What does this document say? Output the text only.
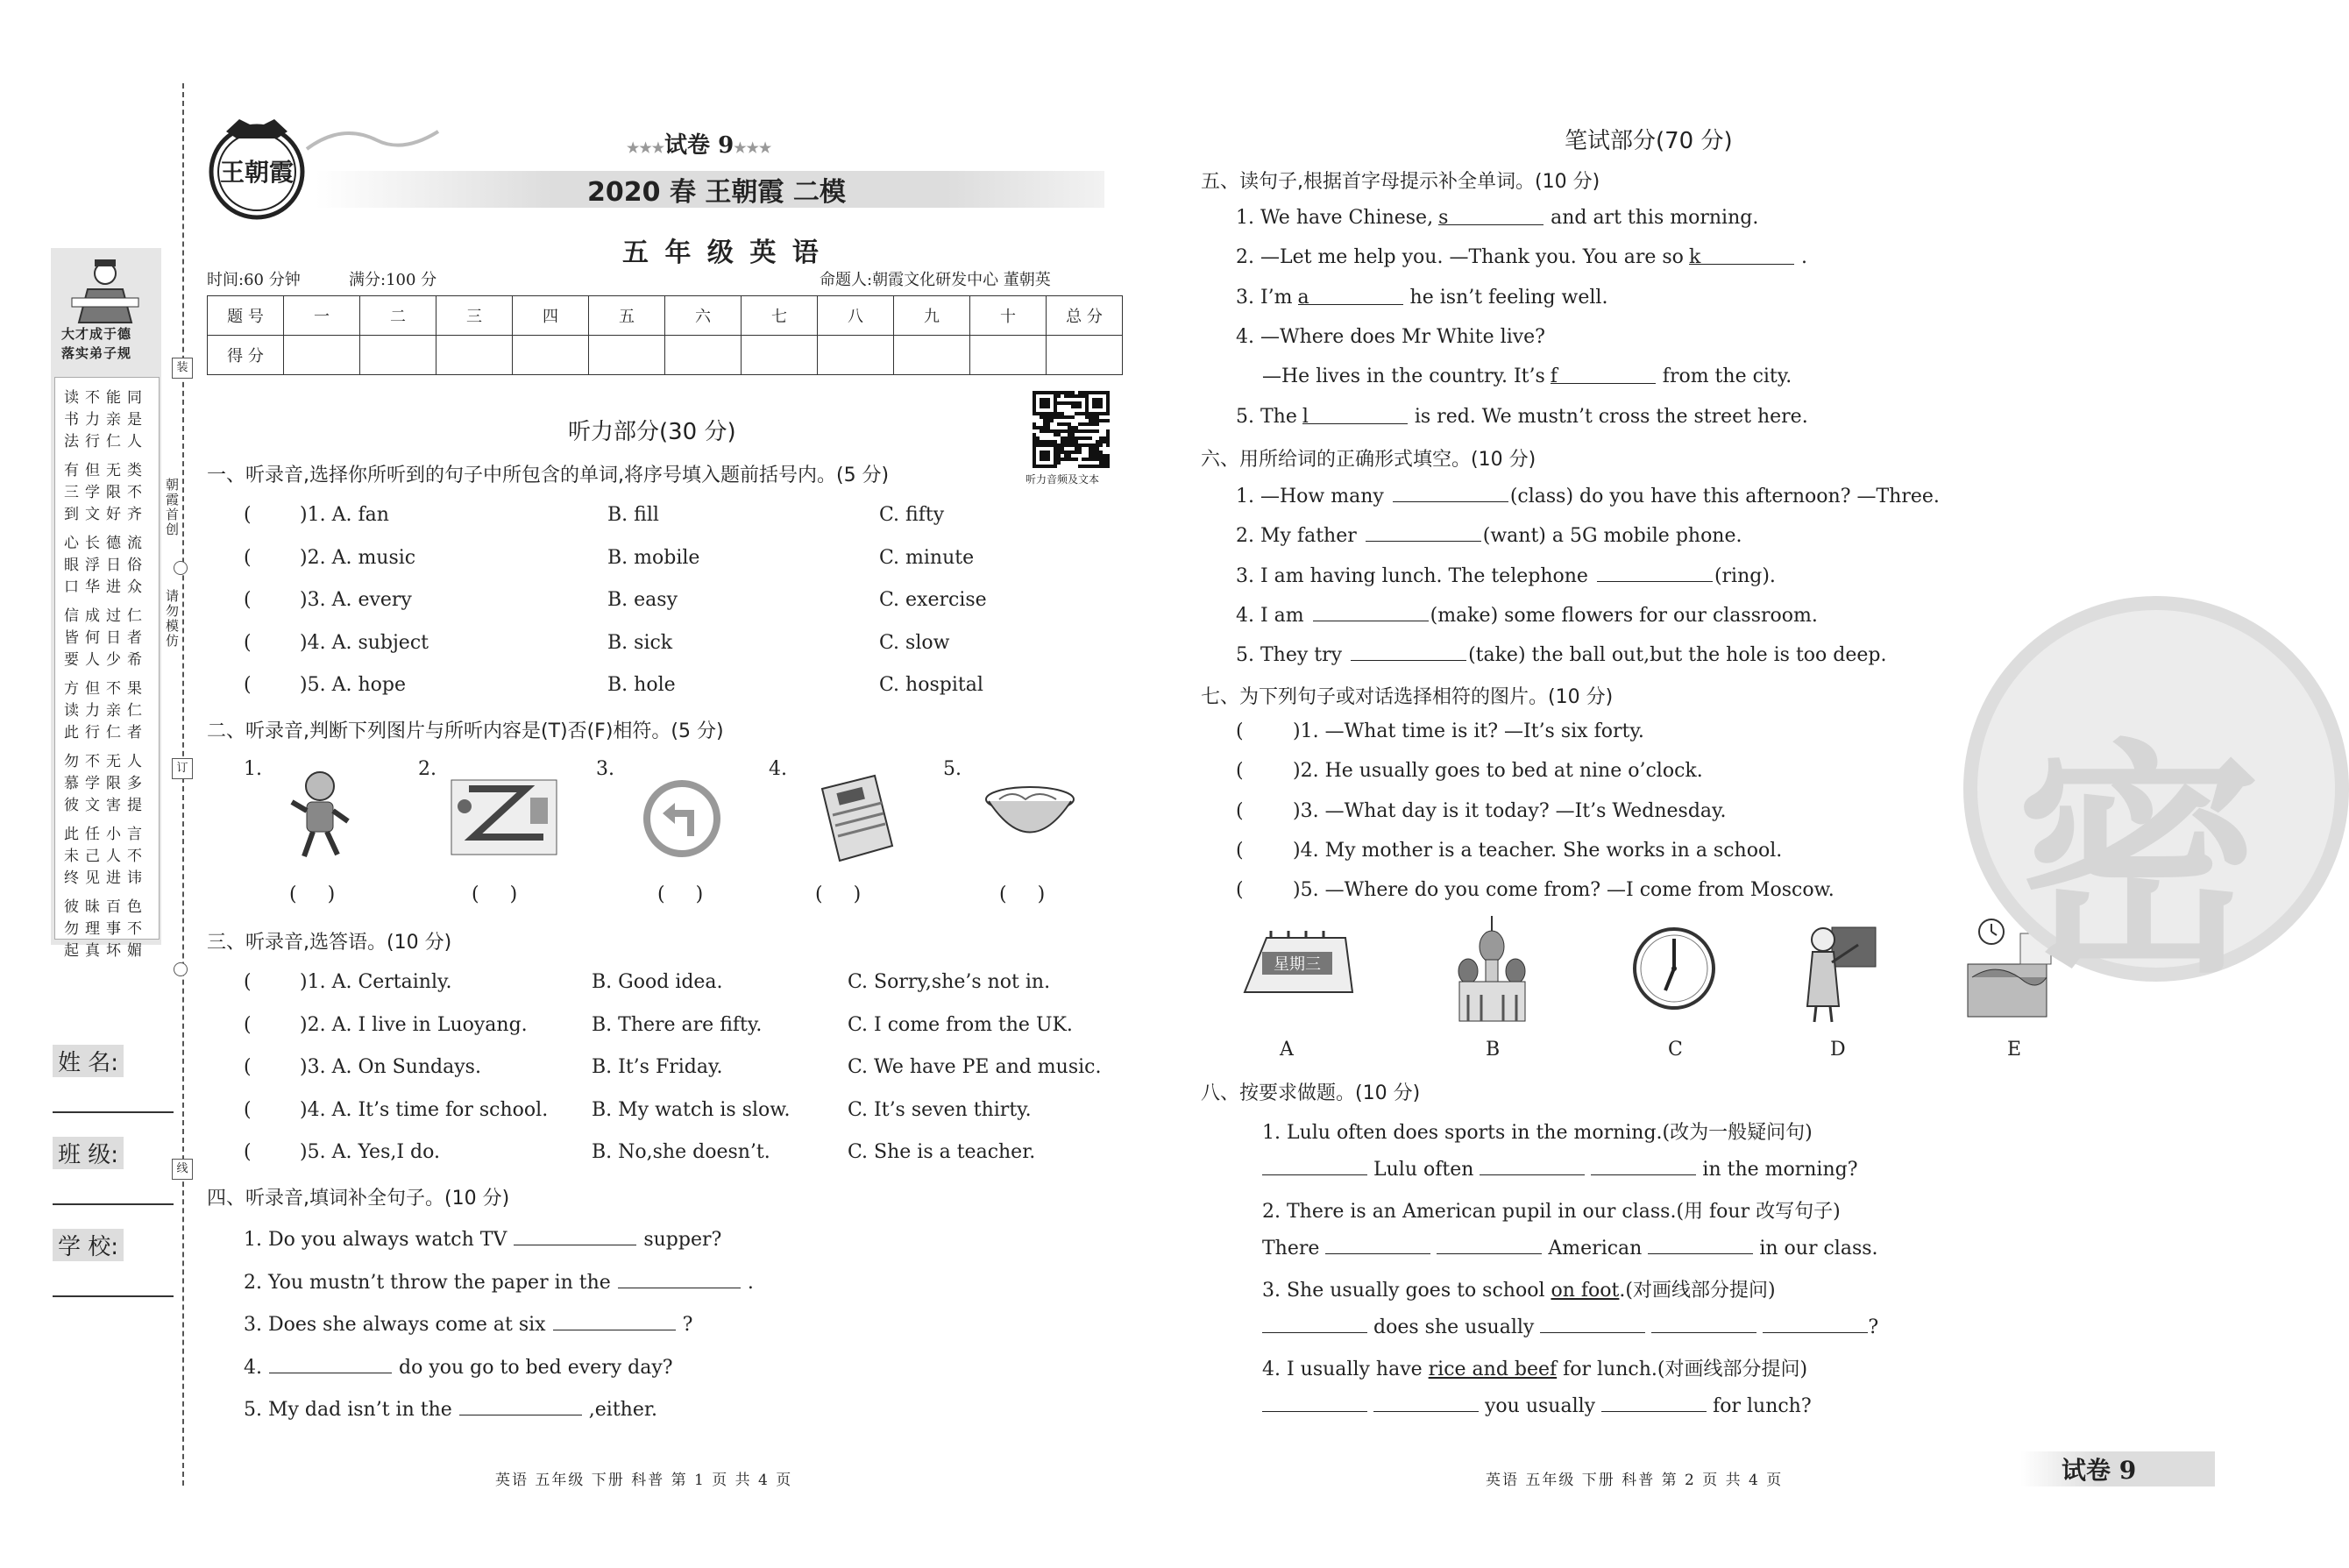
装
订
线
朝霞首创
请勿模仿
大才成于德
落实弟子规
读不能同
书力亲是
法行仁人
有但无类
三学限不
到文好齐
心长德流
眼浮日俗
口华进众
信成过仁
皆何日者
要人少希
方但不果
读力亲仁
此行仁者
勿不无人
慕学限多
彼文害提
此任小言
未己人不
终见进讳
彼昧百色
勿理事不
起真坏媚
姓 名:
班 级:
学 校:
王朝霞
★★★试卷 9★★★
2020 春 王朝霞 二模
五 年 级 英 语
时间:60 分钟	满分:100 分	命题人:朝霞文化研发中心 董朝英
题 号	一	二	三	四	五	六	七	八	九	十	总 分
得 分											
听力部分(30 分)
听力音频及文本
一、听录音,选择你所听到的句子中所包含的单词,将序号填入题前括号内。(5 分)
(	)1. A. fan	B. fill	C. fifty
(	)2. A. music	B. mobile	C. minute
(	)3. A. every	B. easy	C. exercise
(	)4. A. subject	B. sick	C. slow
(	)5. A. hope	B. hole	C. hospital
二、听录音,判断下列图片与所听内容是(T)否(F)相符。(5 分)
1.	2.	3.	4.	5.
( )	( )	( )	( )	( )
三、听录音,选答语。(10 分)
(	)1. A. Certainly.	B. Good idea.	C. Sorry,she’s not in.
(	)2. A. I live in Luoyang.	B. There are fifty.	C. I come from the UK.
(	)3. A. On Sundays.	B. It’s Friday.	C. We have PE and music.
(	)4. A. It’s time for school. B. My watch is slow.	C. It’s seven thirty.
(	)5. A. Yes,I do.	B. No,she doesn’t.	C. She is a teacher.
四、听录音,填词补全句子。(10 分)
1. Do you always watch TV	supper?
2. You mustn’t throw the paper in the	.
3. Does she always come at six	?
4.	do you go to bed every day?
5. My dad isn’t in the	,either.
英语 五年级 下册 科普 第 1 页 共 4 页
笔试部分(70 分)
五、读句子,根据首字母提示补全单词。(10 分)
1. We have Chinese, s	and art this morning.
2. —Let me help you. —Thank you. You are so k	.
3. I’m a	he isn’t feeling well.
4. —Where does Mr White live?
—He lives in the country. It’s f	from the city.
5. The l	is red. We mustn’t cross the street here.
六、用所给词的正确形式填空。(10 分)
1. —How many	(class) do you have this afternoon? —Three.
2. My father	(want) a 5G mobile phone.
3. I am having lunch. The telephone	(ring).
4. I am	(make) some flowers for our classroom.
5. They try	(take) the ball out,but the hole is too deep.
七、为下列句子或对话选择相符的图片。(10 分)
(	)1. —What time is it? —It’s six forty.
(	)2. He usually goes to bed at nine o’clock.
(	)3. —What day is it today? —It’s Wednesday.
(	)4. My mother is a teacher. She works in a school.
(	)5. —Where do you come from? —I come from Moscow.
星期三
A	B	C	D	E
八、按要求做题。(10 分)
1. Lulu often does sports in the morning.(改为一般疑问句)
Lulu often	in the morning?
2. There is an American pupil in our class.(用 four 改写句子)
There	American	in our class.
3. She usually goes to school on foot.(对画线部分提问)
does she usually	?
4. I usually have rice and beef for lunch.(对画线部分提问)
you usually	for lunch?
英语 五年级 下册 科普 第 2 页 共 4 页	试卷 9
密
